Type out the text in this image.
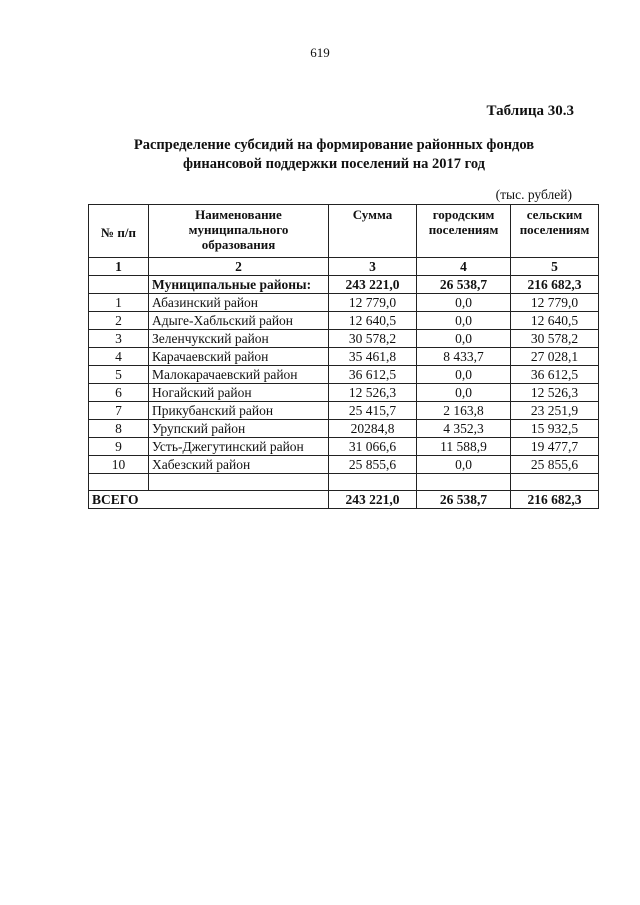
619
Таблица 30.3
Распределение субсидий на формирование районных фондов
финансовой поддержки поселений на 2017 год
(тыс. рублей)
№ п/п	Наименование муниципального образования	Сумма	городским поселениям	сельским поселениям
1	2	3	4	5
	Муниципальные районы:	243 221,0	26 538,7	216 682,3
1	Абазинский район	12 779,0	0,0	12 779,0
2	Адыге-Хабльский район	12 640,5	0,0	12 640,5
3	Зеленчукский район	30 578,2	0,0	30 578,2
4	Карачаевский район	35 461,8	8 433,7	27 028,1
5	Малокарачаевский район	36 612,5	0,0	36 612,5
6	Ногайский район	12 526,3	0,0	12 526,3
7	Прикубанский район	25 415,7	2 163,8	23 251,9
8	Урупский район	20284,8	4 352,3	15 932,5
9	Усть-Джегутинский район	31 066,6	11 588,9	19 477,7
10	Хабезский район	25 855,6	0,0	25 855,6

ВСЕГО		243 221,0	26 538,7	216 682,3
